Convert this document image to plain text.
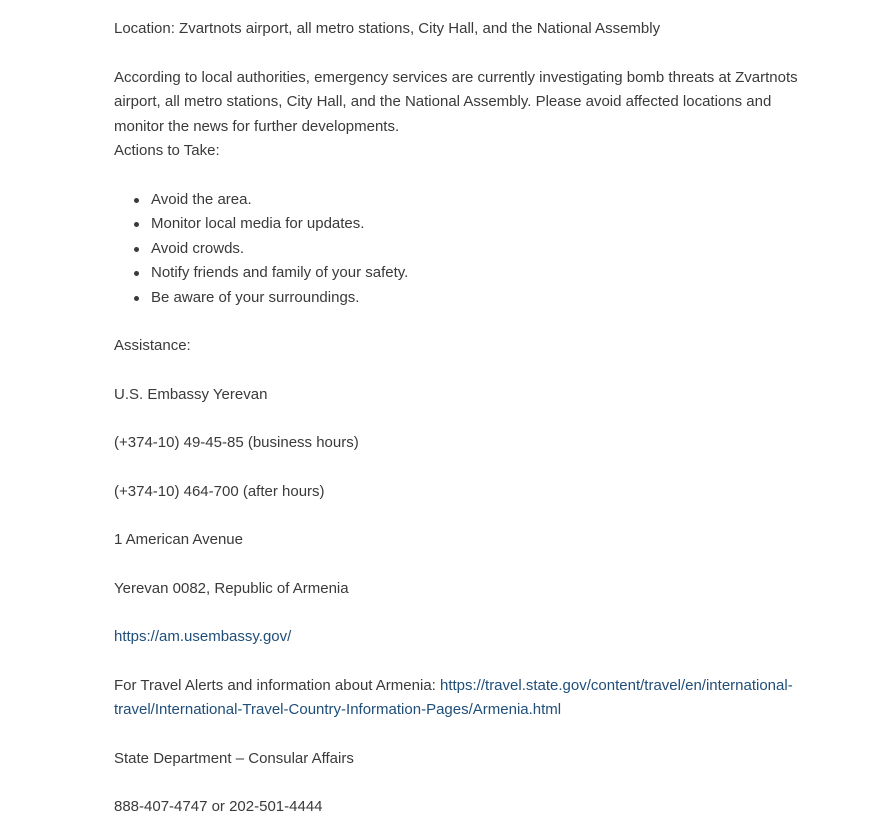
Location: Zvartnots airport, all metro stations, City Hall, and the National Assembly

According to local authorities, emergency services are currently investigating bomb threats at Zvartnots airport, all metro stations, City Hall, and the National Assembly. Please avoid affected locations and monitor the news for further developments.

Actions to Take:

Avoid the area.
Monitor local media for updates.
Avoid crowds.
Notify friends and family of your safety.
Be aware of your surroundings.

Assistance:

U.S. Embassy Yerevan

(+374-10) 49-45-85 (business hours)

(+374-10) 464-700 (after hours)

1 American Avenue

Yerevan 0082, Republic of Armenia

https://am.usembassy.gov/

For Travel Alerts and information about Armenia: https://travel.state.gov/content/travel/en/international-
travel/International-Travel-Country-Information-Pages/Armenia.html

State Department – Consular Affairs

888-407-4747 or 202-501-4444
